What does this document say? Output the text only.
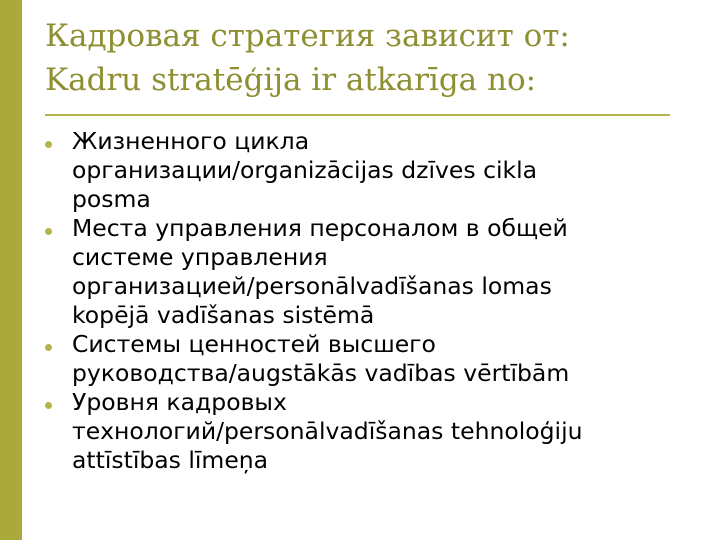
Кадровая стратегия зависит от:
Kadru stratēģija ir atkarīga no:
Жизненного цикла
организации/organizācijas dzīves cikla
posma
Места управления персоналом в общей
системе управления
организацией/personālvadīšanas lomas
kopējā vadīšanas sistēmā
Системы ценностей высшего
руководства/augstākās vadības vērtībām
Уровня кадровых
технологий/personālvadīšanas tehnoloģiju
attīstības līmeņa
